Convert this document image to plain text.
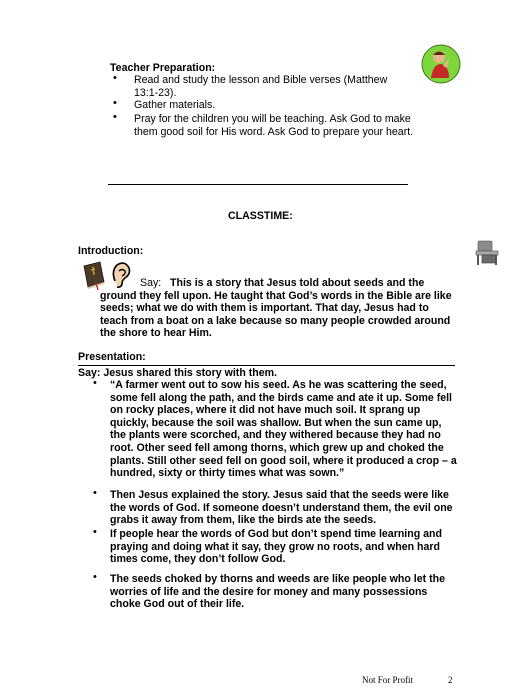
Teacher Preparation:
• Read and study the lesson and Bible verses (Matthew 13:1-23).
• Gather materials.
• Pray for the children you will be teaching. Ask God to make them good soil for His word. Ask God to prepare your heart.
CLASSTIME:
Introduction:
Say: This is a story that Jesus told about seeds and the ground they fell upon. He taught that God’s words in the Bible are like seeds; what we do with them is important. That day, Jesus had to teach from a boat on a lake because so many people crowded around the shore to hear Him.
Presentation:
Say: Jesus shared this story with them.
• “A farmer went out to sow his seed. As he was scattering the seed, some fell along the path, and the birds came and ate it up. Some fell on rocky places, where it did not have much soil. It sprang up quickly, because the soil was shallow. But when the sun came up, the plants were scorched, and they withered because they had no root. Other seed fell among thorns, which grew up and choked the plants. Still other seed fell on good soil, where it produced a crop – a hundred, sixty or thirty times what was sown.”
• Then Jesus explained the story. Jesus said that the seeds were like the words of God. If someone doesn’t understand them, the evil one grabs it away from them, like the birds ate the seeds.
• If people hear the words of God but don’t spend time learning and praying and doing what it say, they grow no roots, and when hard times come, they don’t follow God.
• The seeds choked by thorns and weeds are like people who let the worries of life and the desire for money and many possessions choke God out of their life.
Not For Profit	2
